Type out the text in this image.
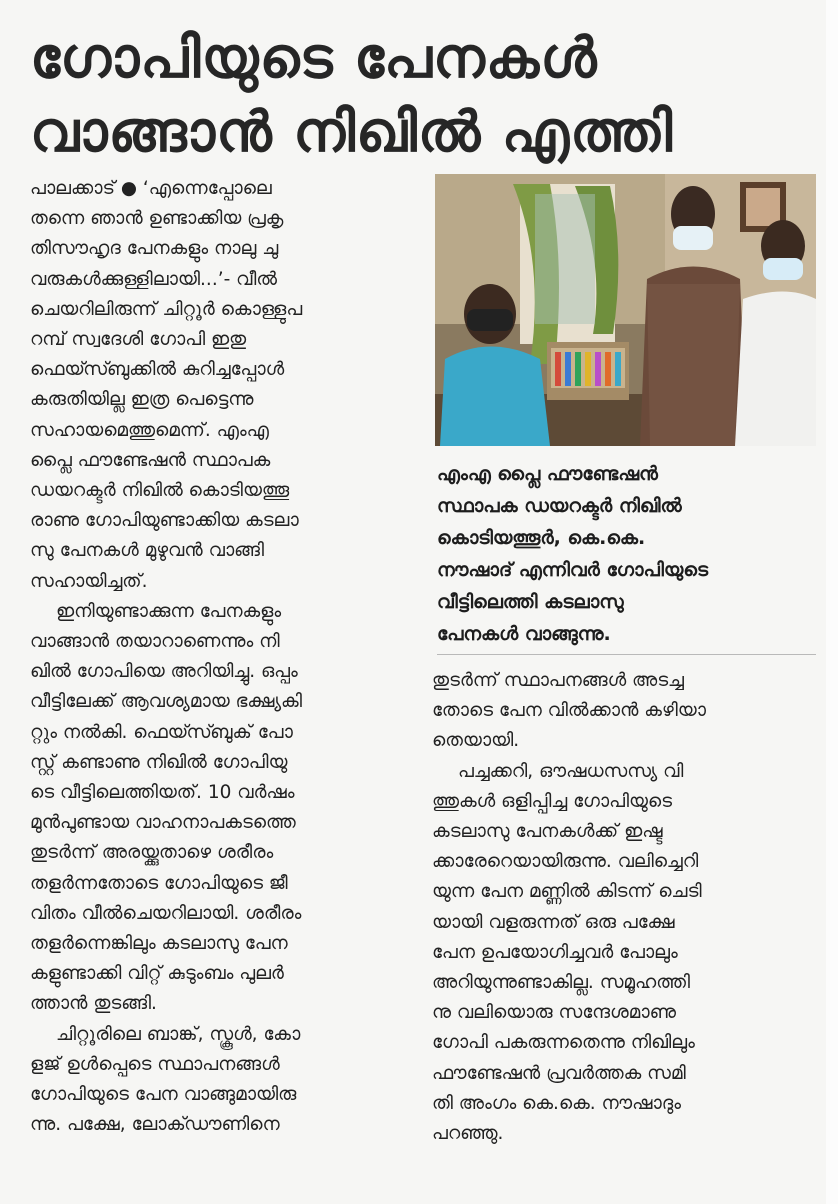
ഗോപിയുടെ പേനകൾ
വാങ്ങാൻ നിഖിൽ എത്തി
പാലക്കാട് ● ‘എന്നെപ്പോലെ
തന്നെ ഞാൻ ഉണ്ടാക്കിയ പ്രകൃ
തിസൗഹൃദ പേനകളും നാലു ചു
വരുകൾക്കുള്ളിലായി...’- വീൽ
ചെയറിലിരുന്ന് ചിറ്റൂർ കൊള്ളുപ
റമ്പ് സ്വദേശി ഗോപി ഇതു
ഫെയ്സ്ബുക്കിൽ കുറിച്ചപ്പോൾ
കരുതിയില്ല ഇത്ര പെട്ടെന്നു
സഹായമെത്തുമെന്ന്. എംഎ
പ്ലൈ ഫൗണ്ടേഷൻ സ്ഥാപക
ഡയറക്ടർ നിഖിൽ കൊടിയത്തൂ
രാണു ഗോപിയുണ്ടാക്കിയ കടലാ
സു പേനകൾ മുഴുവൻ വാങ്ങി
സഹായിച്ചത്.
ഇനിയുണ്ടാക്കുന്ന പേനകളും
വാങ്ങാൻ തയാറാണെന്നും നി
ഖിൽ ഗോപിയെ അറിയിച്ചു. ഒപ്പം
വീട്ടിലേക്ക് ആവശ്യമായ ഭക്ഷ്യകി
റ്റും നൽകി. ഫെയ്സ്ബുക് പോ
സ്റ്റ് കണ്ടാണു നിഖിൽ ഗോപിയു
ടെ വീട്ടിലെത്തിയത്. 10 വർഷം
മുൻപുണ്ടായ വാഹനാപകടത്തെ
തുടർന്ന് അരയ്ക്കുതാഴെ ശരീരം
തളർന്നതോടെ ഗോപിയുടെ ജീ
വിതം വീൽചെയറിലായി. ശരീരം
തളർന്നെങ്കിലും കടലാസു പേന
കളുണ്ടാക്കി വിറ്റ് കുടുംബം പുലർ
ത്താൻ തുടങ്ങി.
ചിറ്റൂരിലെ ബാങ്ക്, സ്കൂൾ, കോ
ളജ് ഉൾപ്പെടെ സ്ഥാപനങ്ങൾ
ഗോപിയുടെ പേന വാങ്ങുമായിരു
ന്നു. പക്ഷേ, ലോക്ഡൗണിനെ
എംഎ പ്ലൈ ഫൗണ്ടേഷൻ
സ്ഥാപക ഡയറക്ടർ നിഖിൽ
കൊടിയത്തൂർ, കെ.കെ.
നൗഷാദ് എന്നിവർ ഗോപിയുടെ
വീട്ടിലെത്തി കടലാസു
പേനകൾ വാങ്ങുന്നു.
തുടർന്ന് സ്ഥാപനങ്ങൾ അടച്ച
തോടെ പേന വിൽക്കാൻ കഴിയാ
തെയായി.
പച്ചക്കറി, ഔഷധസസ്യ വി
ത്തുകൾ ഒളിപ്പിച്ച ഗോപിയുടെ
കടലാസു പേനകൾക്ക് ഇഷ്ട
ക്കാരേറെയായിരുന്നു. വലിച്ചെറി
യുന്ന പേന മണ്ണിൽ കിടന്ന് ചെടി
യായി വളരുന്നത് ഒരു പക്ഷേ
പേന ഉപയോഗിച്ചവർ പോലും
അറിയുന്നുണ്ടാകില്ല. സമൂഹത്തി
നു വലിയൊരു സന്ദേശമാണു
ഗോപി പകരുന്നതെന്നു നിഖിലും
ഫൗണ്ടേഷൻ പ്രവർത്തക സമി
തി അംഗം കെ.കെ. നൗഷാദും
പറഞ്ഞു.
